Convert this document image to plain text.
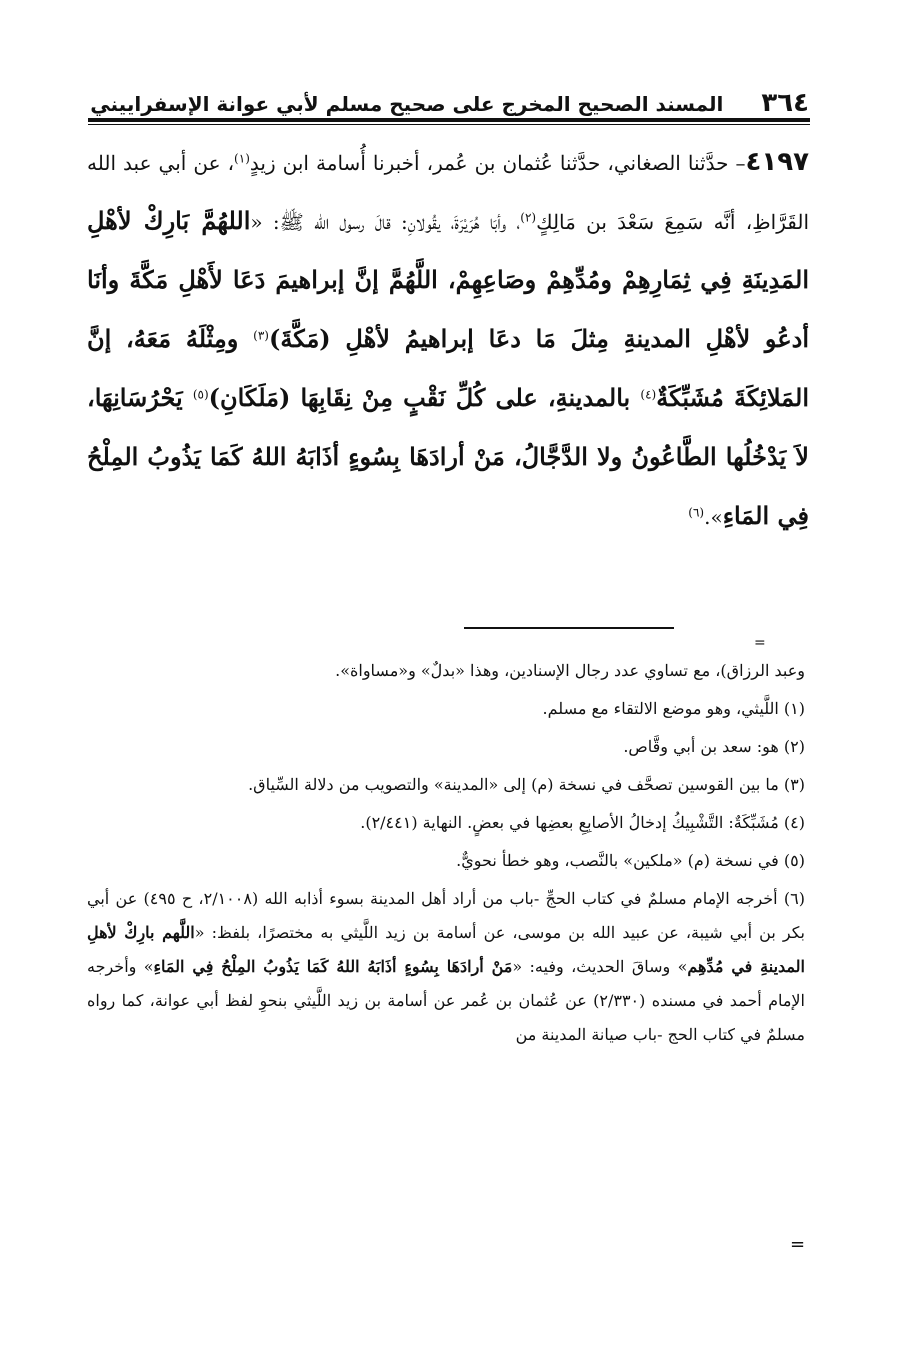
٣٦٤
المسند الصحيح المخرج على صحيح مسلم لأبي عوانة الإسفراييني

٤١٩٧– حدَّثنا الصغاني، حدَّثنا عُثمان بن عُمر، أخبرنا أُسامة ابن زيدٍ$^{(١)}$، عن أبي عبد الله القَرَّاظِ، أنَّه سَمِعَ سَعْدَ بن مَالِكٍ$^{(٢)}$، وأبَا هُرَيْرَةَ، يقُولانِ: قالَ رسول الله ﷺ: «اللهُمَّ بَارِكْ لأهْلِ المَدِينَةِ فِي ثِمَارِهِمْ ومُدِّهِمْ وصَاعِهِمْ، اللَّهُمَّ إنَّ إبراهيمَ دَعَا لأَهْلِ مَكَّةَ وأنَا أدعُو لأهْلِ المدينةِ مِثلَ مَا دعَا إبراهيمُ لأهْلِ (مَكَّةَ)$^{(٣)}$ ومِثْلَهُ مَعَهُ، إنَّ المَلائِكَةَ مُشَبِّكَةٌ$^{(٤)}$ بالمدينةِ، على كُلِّ نَقْبٍ مِنْ نِقَابِهَا (مَلَكَانِ)$^{(٥)}$ يَحْرُسَانِهَا، لاَ يَدْخُلُها الطَّاعُونُ ولا الدَّجَّالُ، مَنْ أرادَهَا بِسُوءٍ أذَابَهُ اللهُ كَمَا يَذُوبُ المِلْحُ فِي المَاءِ».$^{(٦)}$

=

وعبد الرزاق)، مع تساوي عدد رجال الإسنادين، وهذا «بدلٌ» و«مساواة».

(١) اللَّيثي، وهو موضع الالتقاء مع مسلم.

(٢) هو: سعد بن أبي وقَّاص.

(٣) ما بين القوسين تصحَّف في نسخة (م) إلى «المدينة» والتصويب من دلالة السِّياق.

(٤) مُشَبِّكَةٌ: التَّشْبِيكُ إدخالُ الأصابِعِ بعضِها في بعضٍ. النهاية (٢/٤٤١).

(٥) في نسخة (م) «ملكين» بالنَّصب، وهو خطأ نحويٌّ.

(٦) أخرجه الإمام مسلمٌ في كتاب الحجِّ -باب من أراد أهل المدينة بسوء أذابه الله (٢/١٠٠٨، ح ٤٩٥) عن أبي بكر بن أبي شيبة، عن عبيد الله بن موسى، عن أسامة بن زيد اللَّيثي به مختصرًا، بلفظ: «اللَّهم بارِكْ لأهلِ المدينةِ في مُدِّهِم» وساقَ الحديث، وفيه: «مَنْ أرادَهَا بِسُوءٍ أذَابَهُ اللهُ كَمَا يَذُوبُ المِلْحُ فِي المَاءِ» وأخرجه الإمام أحمد في مسنده (٢/٣٣٠) عن عُثمان بن عُمر عن أسامة بن زيد اللَّيثي بنحوِ لفظ أبي عوانة، كما رواه مسلمٌ في كتاب الحج -باب صيانة المدينة من

=
